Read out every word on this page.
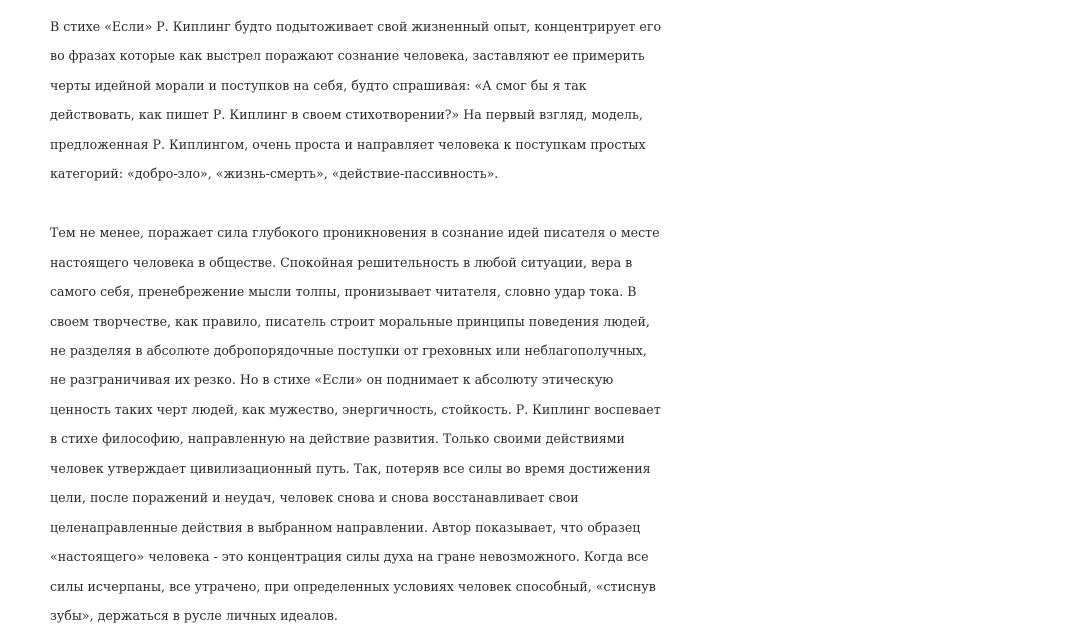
В стихе «Если» Р. Киплинг будто подытоживает свой жизненный опыт, концентрирует его
во фразах которые как выстрел поражают сознание человека, заставляют ее примерить
черты идейной морали и поступков на себя, будто спрашивая: «А смог бы я так
действовать, как пишет Р. Киплинг в своем стихотворении?» На первый взгляд, модель,
предложенная Р. Киплингом, очень проста и направляет человека к поступкам простых
категорий: «добро-зло», «жизнь-смерть», «действие-пассивность».

Тем не менее, поражает сила глубокого проникновения в сознание идей писателя о месте
настоящего человека в обществе. Спокойная решительность в любой ситуации, вера в
самого себя, пренебрежение мысли толпы, пронизывает читателя, словно удар тока. В
своем творчестве, как правило, писатель строит моральные принципы поведения людей,
не разделяя в абсолюте добропорядочные поступки от греховных или неблагополучных,
не разграничивая их резко. Но в стихе «Если» он поднимает к абсолюту этическую
ценность таких черт людей, как мужество, энергичность, стойкость. Р. Киплинг воспевает
в стихе философию, направленную на действие развития. Только своими действиями
человек утверждает цивилизационный путь. Так, потеряв все силы во время достижения
цели, после поражений и неудач, человек снова и снова восстанавливает свои
целенаправленные действия в выбранном направлении. Автор показывает, что образец
«настоящего» человека - это концентрация силы духа на гране невозможного. Когда все
силы исчерпаны, все утрачено, при определенных условиях человек способный, «стиснув
зубы», держаться в русле личных идеалов.
